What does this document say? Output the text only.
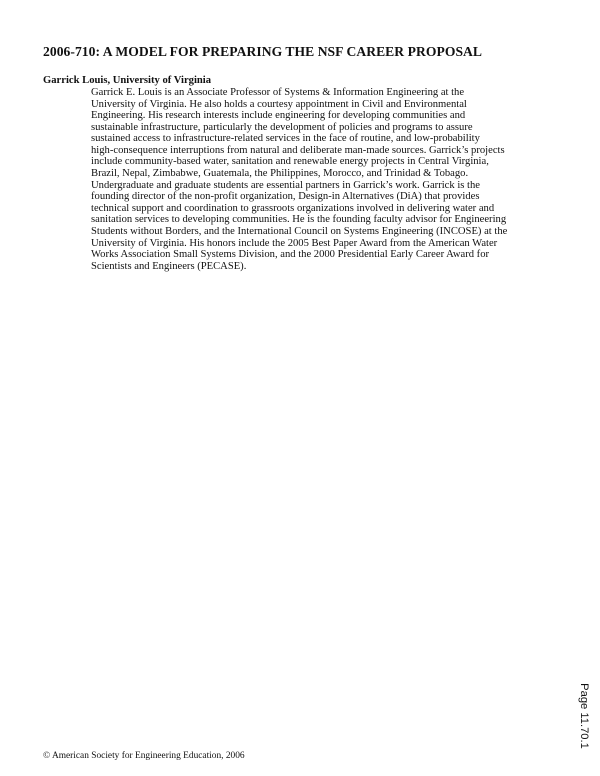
2006-710: A MODEL FOR PREPARING THE NSF CAREER PROPOSAL
Garrick Louis, University of Virginia
Garrick E. Louis is an Associate Professor of Systems & Information Engineering at the
University of Virginia. He also holds a courtesy appointment in Civil and Environmental
Engineering. His research interests include engineering for developing communities and
sustainable infrastructure, particularly the development of policies and programs to assure
sustained access to infrastructure-related services in the face of routine, and low-probability
high-consequence interruptions from natural and deliberate man-made sources. Garrick’s projects
include community-based water, sanitation and renewable energy projects in Central Virginia,
Brazil, Nepal, Zimbabwe, Guatemala, the Philippines, Morocco, and Trinidad & Tobago.
Undergraduate and graduate students are essential partners in Garrick’s work. Garrick is the
founding director of the non-profit organization, Design-in Alternatives (DiA) that provides
technical support and coordination to grassroots organizations involved in delivering water and
sanitation services to developing communities. He is the founding faculty advisor for Engineering
Students without Borders, and the International Council on Systems Engineering (INCOSE) at the
University of Virginia. His honors include the 2005 Best Paper Award from the American Water
Works Association Small Systems Division, and the 2000 Presidential Early Career Award for
Scientists and Engineers (PECASE).
© American Society for Engineering Education, 2006
Page 11.70.1
